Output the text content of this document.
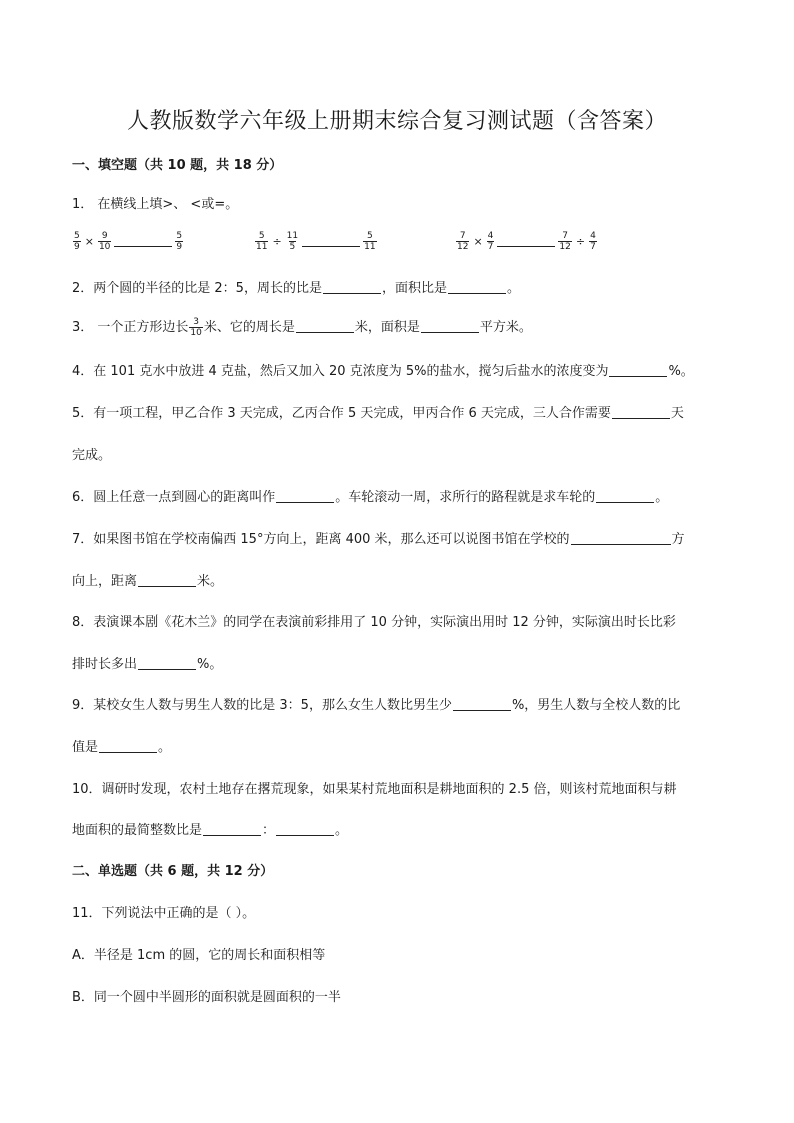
人教版数学六年级上册期末综合复习测试题（含答案）
一、填空题（共 10 题，共 18 分）
1． 在横线上填>、 <或=。
$\frac{5}{9} \times \frac{9}{10}$	$\frac{5}{9}$	$\frac{5}{11} \div \frac{11}{5}$	$\frac{5}{11}$	$\frac{7}{12} \times \frac{4}{7}$	$\frac{7}{12} \div \frac{4}{7}$
2．两个圆的半径的比是 2：5，周长的比是	，面积比是	。
3． 一个正方形边长 $\frac{3}{10}$ 米、它的周长是	米，面积是	平方米。
4．在 101 克水中放进 4 克盐，然后又加入 20 克浓度为 5%的盐水，搅匀后盐水的浓度变为	%。
5．有一项工程，甲乙合作 3 天完成，乙丙合作 5 天完成，甲丙合作 6 天完成，三人合作需要	天
完成。
6．圆上任意一点到圆心的距离叫作	。车轮滚动一周，求所行的路程就是求车轮的	。
7．如果图书馆在学校南偏西 15°方向上，距离 400 米，那么还可以说图书馆在学校的	方
向上，距离	米。
8．表演课本剧《花木兰》的同学在表演前彩排用了 10 分钟，实际演出用时 12 分钟，实际演出时长比彩
排时长多出	%。
9．某校女生人数与男生人数的比是 3：5，那么女生人数比男生少	%，男生人数与全校人数的比
值是	。
10．调研时发现，农村土地存在撂荒现象，如果某村荒地面积是耕地面积的 2.5 倍，则该村荒地面积与耕
地面积的最简整数比是	：	。
二、单选题（共 6 题，共 12 分）
11．下列说法中正确的是（ ）。
A．半径是 1cm 的圆，它的周长和面积相等
B．同一个圆中半圆形的面积就是圆面积的一半
